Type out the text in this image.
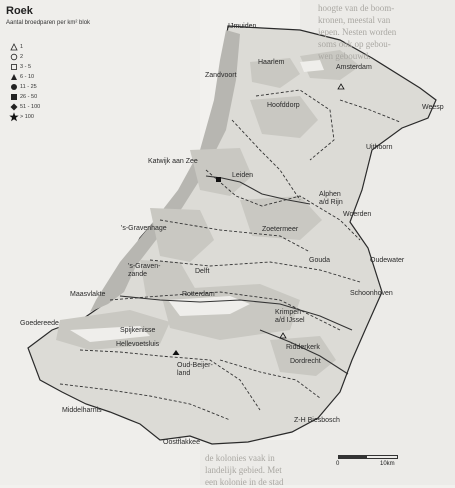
Roek
Aantal broedparen per km² blok
1
2
3 - 5
6 - 10
11 - 25
26 - 50
51 - 100
> 100
IJmuiden
Haarlem
Amsterdam
Zandvoort
Hoofddorp	Weesp
Uithoorn
Katwijk aan Zee
Leiden
Alphen
a/d Rijn
Woerden
Zoetermeer
's-Gravenhage
Gouda	Oudewater
's-Graven-
zande	Delft
Maasvlakte	Rotterdam	Schoonhoven
Krimpen
a/d IJssel
Ridderkerk
Goedereede
Spijkenisse
Hellevoetsluis
Oud-Beijer-
land
Dordrecht
Middelharnis
Z-H Biesbosch
Oostflakkee
hoogte van de boom-
kronen, meestal van
iepen. Nesten worden
soms ook op gebou-
wen gebouwd.
de kolonies vaak in
landelijk gebied. Met
een kolonie in de stad
0	10km
